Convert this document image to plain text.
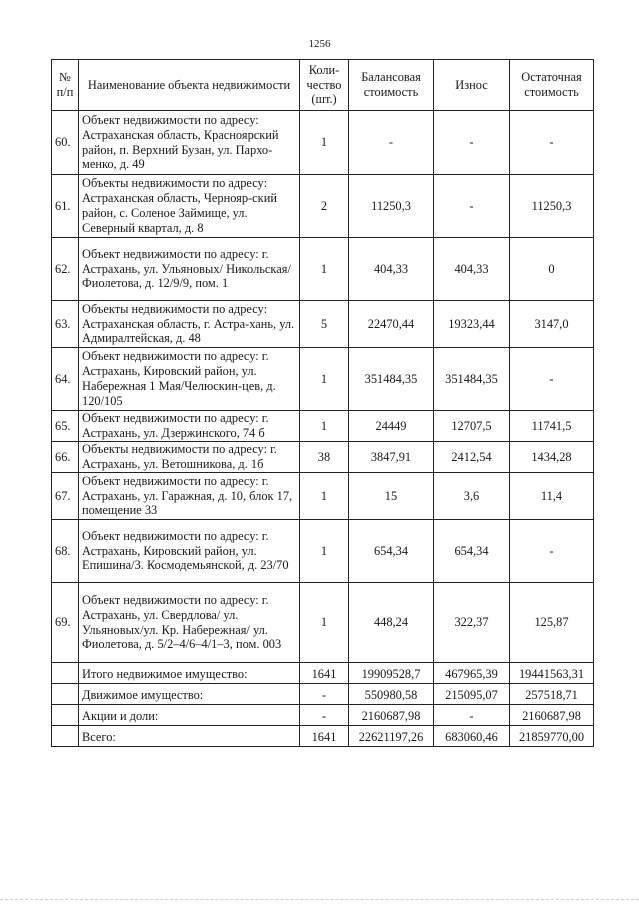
1256
№ п/п	Наименование объекта недвижимости	Коли-чество (шт.)	Балансовая стоимость	Износ	Остаточная стоимость
60.	Объект недвижимости по адресу: Астраханская область, Красноярский район, п. Верхний Бузан, ул. Пархо-менко, д. 49	1	-	-	-
61.	Объекты недвижимости по адресу: Астраханская область, Чернояр-ский район, с. Соленое Займище, ул. Северный квартал, д. 8	2	11250,3	-	11250,3
62.	Объект недвижимости по адресу: г. Астрахань, ул. Ульяновых/ Никольская/Фиолетова, д. 12/9/9, пом. 1	1	404,33	404,33	0
63.	Объекты недвижимости по адресу: Астраханская область, г. Астра-хань, ул. Адмиралтейская, д. 48	5	22470,44	19323,44	3147,0
64.	Объект недвижимости по адресу: г. Астрахань, Кировский район, ул. Набережная 1 Мая/Челюскин-цев, д. 120/105	1	351484,35	351484,35	-
65.	Объект недвижимости по адресу: г. Астрахань, ул. Дзержинского, 74 б	1	24449	12707,5	11741,5
66.	Объекты недвижимости по адресу: г. Астрахань, ул. Ветошникова, д. 1б	38	3847,91	2412,54	1434,28
67.	Объект недвижимости по адресу: г. Астрахань, ул. Гаражная, д. 10, блок 17, помещение 33	1	15	3,6	11,4
68.	Объект недвижимости по адресу: г. Астрахань, Кировский район, ул. Епишина/З. Космодемьянской, д. 23/70	1	654,34	654,34	-
69.	Объект недвижимости по адресу: г. Астрахань, ул. Свердлова/ ул. Ульяновых/ул. Кр. Набережная/ ул. Фиолетова, д. 5/2–4/6–4/1–3, пом. 003	1	448,24	322,37	125,87
	Итого недвижимое имущество:	1641	19909528,7	467965,39	19441563,31
	Движимое имущество:	-	550980,58	215095,07	257518,71
	Акции и доли:	-	2160687,98	-	2160687,98
	Всего:	1641	22621197,26	683060,46	21859770,00
